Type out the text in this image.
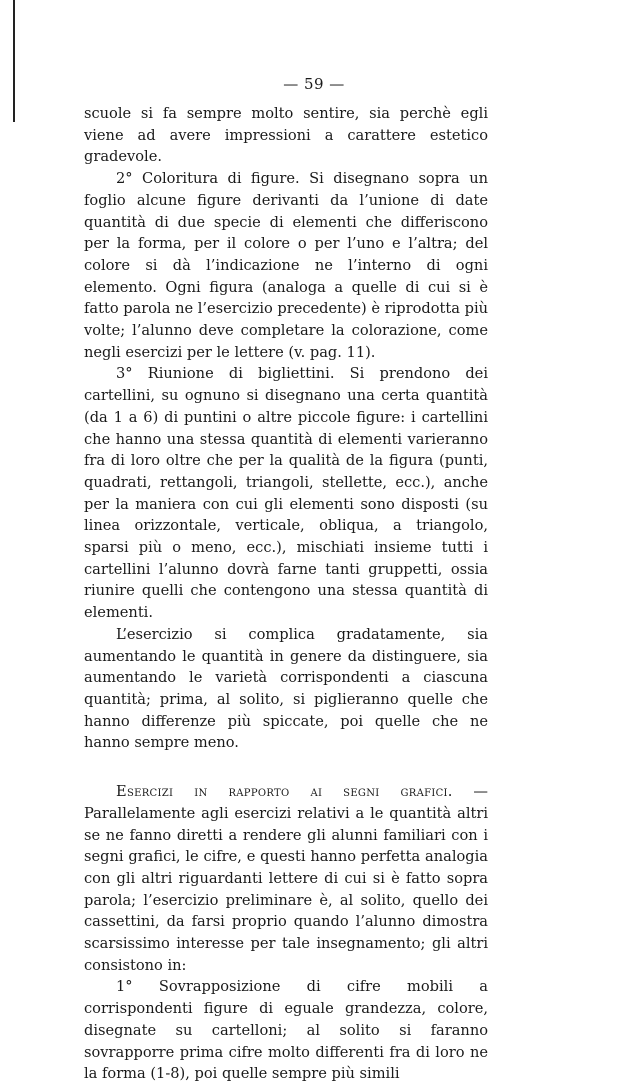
— 59 —

scuole si fa sempre molto sentire, sia perchè egli viene ad avere impressioni a carattere estetico gradevole.

2° Coloritura di figure. Si disegnano sopra un foglio alcune figure derivanti da l’unione di date quantità di due specie di elementi che differiscono per la forma, per il colore o per l’uno e l’altra; del colore si dà l’indicazione ne l’interno di ogni elemento. Ogni figura (analoga a quelle di cui si è fatto parola ne l’esercizio precedente) è riprodotta più volte; l’alunno deve completare la colorazione, come negli esercizi per le lettere (v. pag. 11).

3° Riunione di bigliettini. Si prendono dei cartellini, su ognuno si disegnano una certa quantità (da 1 a 6) di puntini o altre piccole figure: i cartellini che hanno una stessa quantità di elementi varieranno fra di loro oltre che per la qualità de la figura (punti, quadrati, rettangoli, triangoli, stellette, ecc.), anche per la maniera con cui gli elementi sono disposti (su linea orizzontale, verticale, obliqua, a triangolo, sparsi più o meno, ecc.), mischiati insieme tutti i cartellini l’alunno dovrà farne tanti gruppetti, ossia riunire quelli che contengono una stessa quantità di elementi.

L’esercizio si complica gradatamente, sia aumentando le quantità in genere da distinguere, sia aumentando le varietà corrispondenti a ciascuna quantità; prima, al solito, si piglieranno quelle che hanno differenze più spiccate, poi quelle che ne hanno sempre meno.

Esercizi in rapporto ai segni grafici. — Parallelamente agli esercizi relativi a le quantità altri se ne fanno diretti a rendere gli alunni familiari con i segni grafici, le cifre, e questi hanno perfetta analogia con gli altri riguardanti lettere di cui si è fatto sopra parola; l’esercizio preliminare è, al solito, quello dei cassettini, da farsi proprio quando l’alunno dimostra scarsissimo interesse per tale insegnamento; gli altri consistono in:

1° Sovrapposizione di cifre mobili a corrispondenti figure di eguale grandezza, colore, disegnate su cartelloni; al solito si faranno sovrapporre prima cifre molto differenti fra di loro ne la forma (1-8), poi quelle sempre più simili
